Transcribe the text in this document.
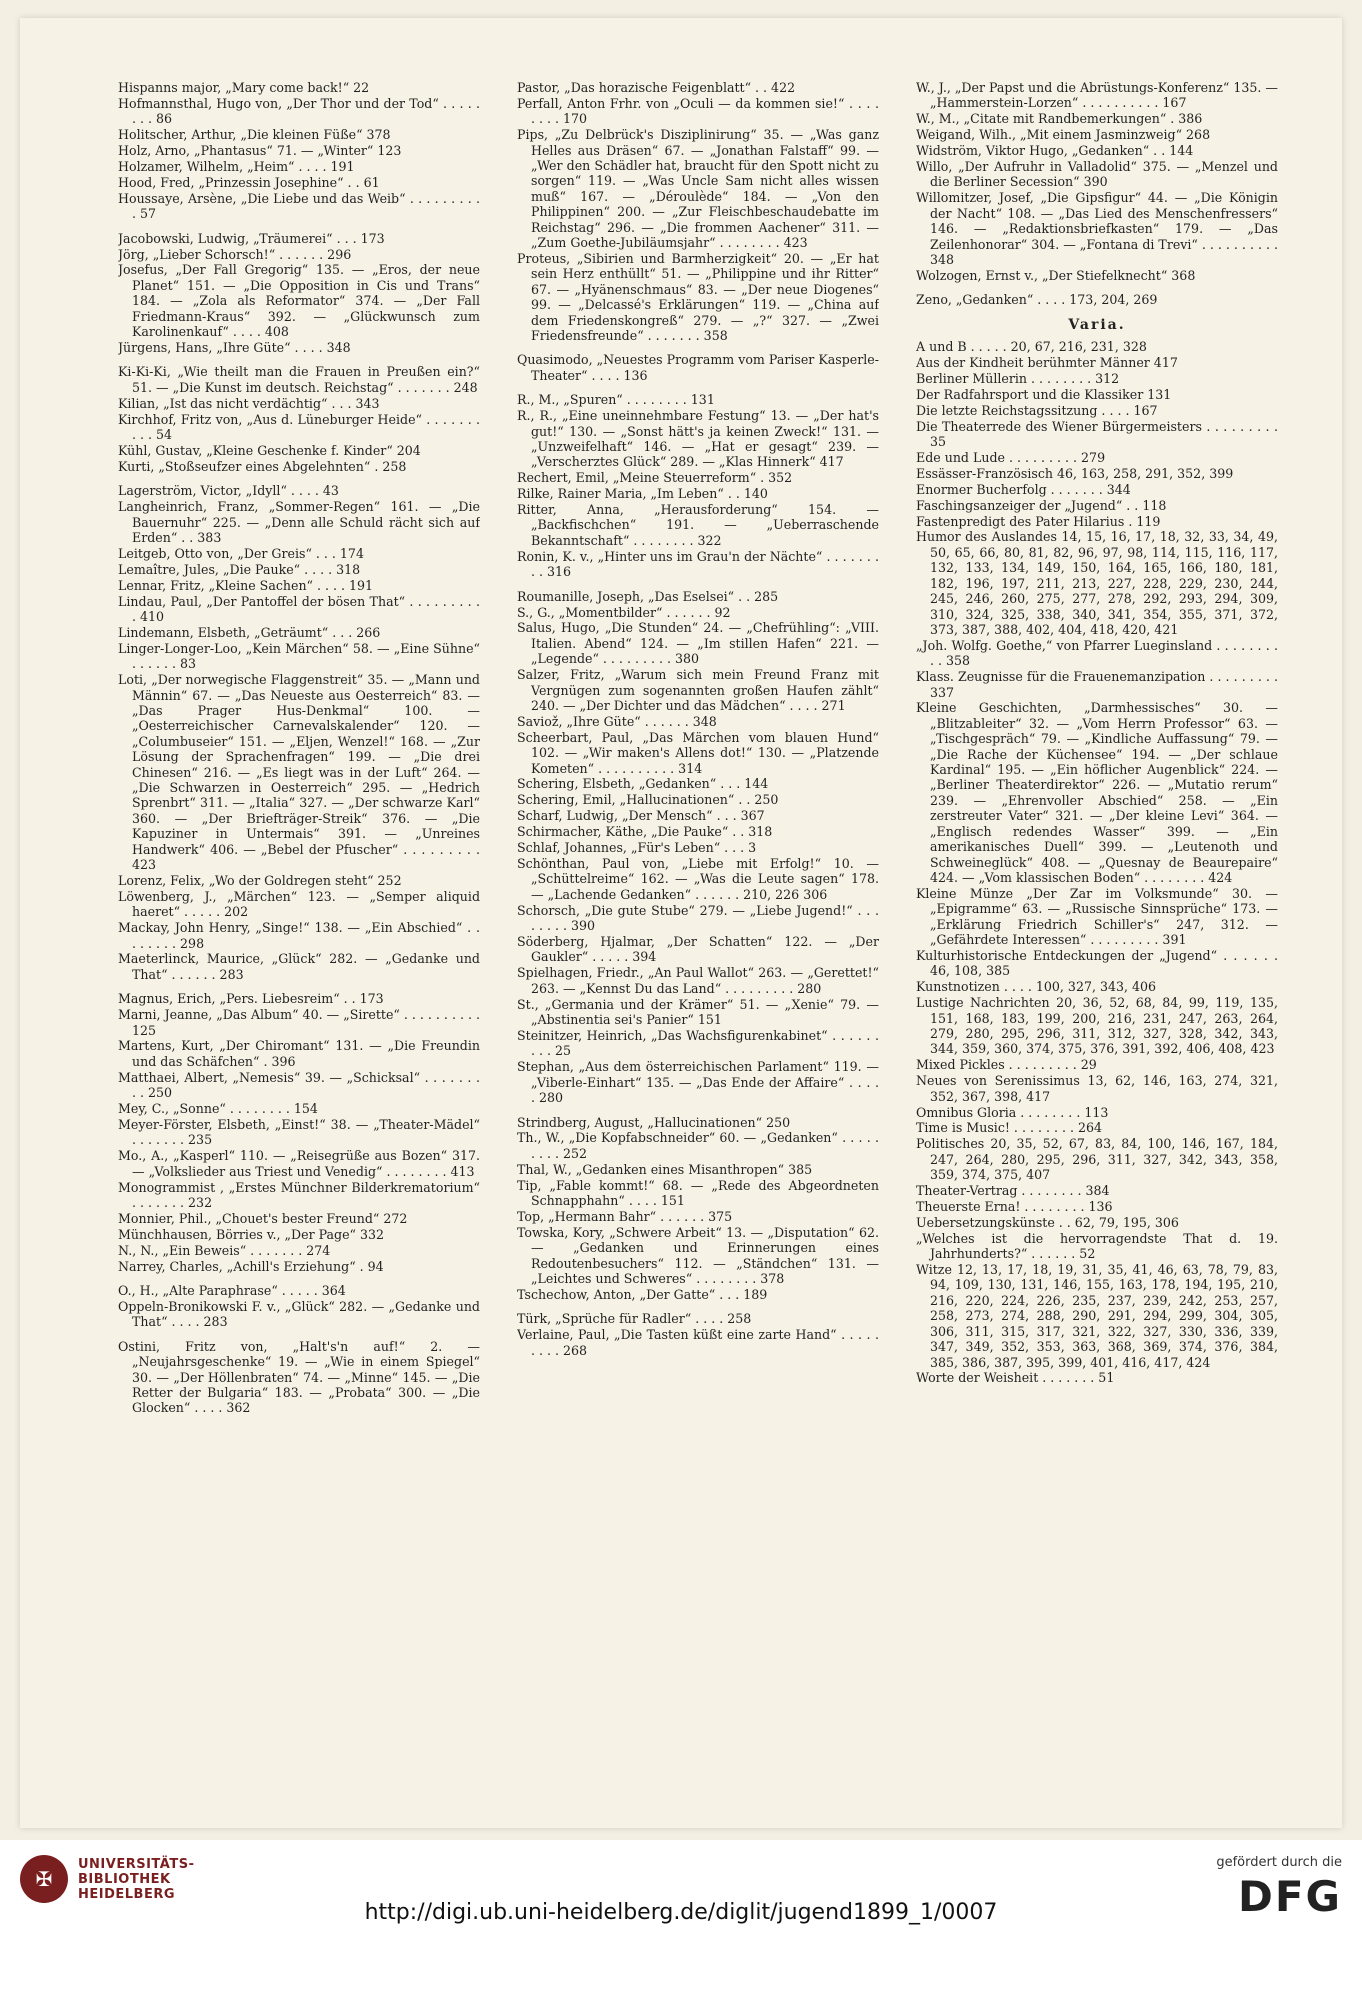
Hispanns major, „Mary come back!“ 22
Hofmannsthal, Hugo von, „Der Thor und der Tod“ . . . . . . . . 86
Holitscher, Arthur, „Die kleinen Füße“ 378
Holz, Arno, „Phantasus“ 71. — „Winter“ 123
Holzamer, Wilhelm, „Heim“ . . . . 191
Hood, Fred, „Prinzessin Josephine“ . . 61
Houssaye, Arsène, „Die Liebe und das Weib“ . . . . . . . . . . 57
Jacobowski, Ludwig, „Träumerei“ . . . 173
Jörg, „Lieber Schorsch!“ . . . . . . 296
Josefus, „Der Fall Gregorig“ 135. — „Eros, der neue Planet“ 151. — „Die Opposition in Cis und Trans“ 184. — „Zola als Reformator“ 374. — „Der Fall Friedmann-Kraus“ 392. — „Glückwunsch zum Karolinenkauf“ . . . . 408
Jürgens, Hans, „Ihre Güte“ . . . . 348
Ki-Ki-Ki, „Wie theilt man die Frauen in Preußen ein?“ 51. — „Die Kunst im deutsch. Reichstag“ . . . . . . . 248
Kilian, „Ist das nicht verdächtig“ . . . 343
Kirchhof, Fritz von, „Aus d. Lüneburger Heide“ . . . . . . . . . . 54
Kühl, Gustav, „Kleine Geschenke f. Kinder“ 204
Kurti, „Stoßseufzer eines Abgelehnten“ . 258
Lagerström, Victor, „Idyll“ . . . . 43
Langheinrich, Franz, „Sommer-Regen“ 161. — „Die Bauernuhr“ 225. — „Denn alle Schuld rächt sich auf Erden“ . . 383
Leitgeb, Otto von, „Der Greis“ . . . 174
Lemaître, Jules, „Die Pauke“ . . . . 318
Lennar, Fritz, „Kleine Sachen“ . . . . 191
Lindau, Paul, „Der Pantoffel der bösen That“ . . . . . . . . . . 410
Lindemann, Elsbeth, „Geträumt“ . . . 266
Linger-Longer-Loo, „Kein Märchen“ 58. — „Eine Sühne“ . . . . . . 83
Loti, „Der norwegische Flaggenstreit“ 35. — „Mann und Männin“ 67. — „Das Neueste aus Oesterreich“ 83. — „Das Prager Hus-Denkmal“ 100. — „Oesterreichischer Carnevalskalender“ 120. — „Columbuseier“ 151. — „Eljen, Wenzel!“ 168. — „Zur Lösung der Sprachenfragen“ 199. — „Die drei Chinesen“ 216. — „Es liegt was in der Luft“ 264. — „Die Schwarzen in Oesterreich“ 295. — „Hedrich Sprenbrt“ 311. — „Italia“ 327. — „Der schwarze Karl“ 360. — „Der Briefträger-Streik“ 376. — „Die Kapuziner in Untermais“ 391. — „Unreines Handwerk“ 406. — „Bebel der Pfuscher“ . . . . . . . . . 423
Lorenz, Felix, „Wo der Goldregen steht“ 252
Löwenberg, J., „Märchen“ 123. — „Semper aliquid haeret“ . . . . . 202
Mackay, John Henry, „Singe!“ 138. — „Ein Abschied“ . . . . . . . . 298
Maeterlinck, Maurice, „Glück“ 282. — „Gedanke und That“ . . . . . . 283
Magnus, Erich, „Pers. Liebesreim“ . . 173
Marni, Jeanne, „Das Album“ 40. — „Sirette“ . . . . . . . . . . 125
Martens, Kurt, „Der Chiromant“ 131. — „Die Freundin und das Schäfchen“ . 396
Matthaei, Albert, „Nemesis“ 39. — „Schicksal“ . . . . . . . . . 250
Mey, C., „Sonne“ . . . . . . . . 154
Meyer-Förster, Elsbeth, „Einst!“ 38. — „Theater-Mädel“ . . . . . . . 235
Mo., A., „Kasperl“ 110. — „Reisegrüße aus Bozen“ 317. — „Volkslieder aus Triest und Venedig“ . . . . . . . . 413
Monogrammist , „Erstes Münchner Bilderkrematorium“ . . . . . . . 232
Monnier, Phil., „Chouet's bester Freund“ 272
Münchhausen, Börries v., „Der Page“ 332
N., N., „Ein Beweis“ . . . . . . . 274
Narrey, Charles, „Achill's Erziehung“ . 94
O., H., „Alte Paraphrase“ . . . . . 364
Oppeln-Bronikowski F. v., „Glück“ 282. — „Gedanke und That“ . . . . 283
Ostini, Fritz von, „Halt's'n auf!“ 2. — „Neujahrsgeschenke“ 19. — „Wie in einem Spiegel“ 30. — „Der Höllenbraten“ 74. — „Minne“ 145. — „Die Retter der Bulgaria“ 183. — „Probata“ 300. — „Die Glocken“ . . . . 362
Pastor, „Das horazische Feigenblatt“ . . 422
Perfall, Anton Frhr. von „Oculi — da kommen sie!“ . . . . . . . . 170
Pips, „Zu Delbrück's Disziplinirung“ 35. — „Was ganz Helles aus Dräsen“ 67. — „Jonathan Falstaff“ 99. — „Wer den Schädler hat, braucht für den Spott nicht zu sorgen“ 119. — „Was Uncle Sam nicht alles wissen muß“ 167. — „Déroulède“ 184. — „Von den Philippinen“ 200. — „Zur Fleischbeschaudebatte im Reichstag“ 296. — „Die frommen Aachener“ 311. — „Zum Goethe-Jubiläumsjahr“ . . . . . . . . 423
Proteus, „Sibirien und Barmherzigkeit“ 20. — „Er hat sein Herz enthüllt“ 51. — „Philippine und ihr Ritter“ 67. — „Hyänenschmaus“ 83. — „Der neue Diogenes“ 99. — „Delcassé's Erklärungen“ 119. — „China auf dem Friedenskongreß“ 279. — „?“ 327. — „Zwei Friedensfreunde“ . . . . . . . 358
Quasimodo, „Neuestes Programm vom Pariser Kasperle-Theater“ . . . . 136
R., M., „Spuren“ . . . . . . . . 131
R., R., „Eine uneinnehmbare Festung“ 13. — „Der hat's gut!“ 130. — „Sonst hätt's ja keinen Zweck!“ 131. — „Unzweifelhaft“ 146. — „Hat er gesagt“ 239. — „Verscherztes Glück“ 289. — „Klas Hinnerk“ 417
Rechert, Emil, „Meine Steuerreform“ . 352
Rilke, Rainer Maria, „Im Leben“ . . 140
Ritter, Anna, „Herausforderung“ 154. — „Backfischchen“ 191. — „Ueberraschende Bekanntschaft“ . . . . . . . . 322
Ronin, K. v., „Hinter uns im Grau'n der Nächte“ . . . . . . . . . 316
Roumanille, Joseph, „Das Eselsei“ . . 285
S., G., „Momentbilder“ . . . . . . 92
Salus, Hugo, „Die Stunden“ 24. — „Chefrühling“: „VIII. Italien. Abend“ 124. — „Im stillen Hafen“ 221. — „Legende“ . . . . . . . . . 380
Salzer, Fritz, „Warum sich mein Freund Franz mit Vergnügen zum sogenannten großen Haufen zählt“ 240. — „Der Dichter und das Mädchen“ . . . . 271
Saviož, „Ihre Güte“ . . . . . . 348
Scheerbart, Paul, „Das Märchen vom blauen Hund“ 102. — „Wir maken's Allens dot!“ 130. — „Platzende Kometen“ . . . . . . . . . . 314
Schering, Elsbeth, „Gedanken“ . . . 144
Schering, Emil, „Hallucinationen“ . . 250
Scharf, Ludwig, „Der Mensch“ . . . 367
Schirmacher, Käthe, „Die Pauke“ . . 318
Schlaf, Johannes, „Für's Leben“ . . . 3
Schönthan, Paul von, „Liebe mit Erfolg!“ 10. — „Schüttelreime“ 162. — „Was die Leute sagen“ 178. — „Lachende Gedanken“ . . . . . . 210, 226 306
Schorsch, „Die gute Stube“ 279. — „Liebe Jugend!“ . . . . . . . . 390
Söderberg, Hjalmar, „Der Schatten“ 122. — „Der Gaukler“ . . . . . 394
Spielhagen, Friedr., „An Paul Wallot“ 263. — „Gerettet!“ 263. — „Kennst Du das Land“ . . . . . . . . . 280
St., „Germania und der Krämer“ 51. — „Xenie“ 79. — „Abstinentia sei's Panier“ 151
Steinitzer, Heinrich, „Das Wachsfigurenkabinet“ . . . . . . . . . 25
Stephan, „Aus dem österreichischen Parlament“ 119. — „Viberle-Einhart“ 135. — „Das Ende der Affaire“ . . . . . 280
Strindberg, August, „Hallucinationen“ 250
Th., W., „Die Kopfabschneider“ 60. — „Gedanken“ . . . . . . . . . 252
Thal, W., „Gedanken eines Misanthropen“ 385
Tip, „Fable kommt!“ 68. — „Rede des Abgeordneten Schnapphahn“ . . . . 151
Top, „Hermann Bahr“ . . . . . . 375
Towska, Kory, „Schwere Arbeit“ 13. — „Disputation“ 62. — „Gedanken und Erinnerungen eines Redoutenbesuchers“ 112. — „Ständchen“ 131. — „Leichtes und Schweres“ . . . . . . . . 378
Tschechow, Anton, „Der Gatte“ . . . 189
Türk, „Sprüche für Radler“ . . . . 258
Verlaine, Paul, „Die Tasten küßt eine zarte Hand“ . . . . . . . . . 268
W., J., „Der Papst und die Abrüstungs-Konferenz“ 135. — „Hammerstein-Lorzen“ . . . . . . . . . . 167
W., M., „Citate mit Randbemerkungen“ . 386
Weigand, Wilh., „Mit einem Jasminzweig“ 268
Widström, Viktor Hugo, „Gedanken“ . . 144
Willo, „Der Aufruhr in Valladolid“ 375. — „Menzel und die Berliner Secession“ 390
Willomitzer, Josef, „Die Gipsfigur“ 44. — „Die Königin der Nacht“ 108. — „Das Lied des Menschenfressers“ 146. — „Redaktionsbriefkasten“ 179. — „Das Zeilenhonorar“ 304. — „Fontana di Trevi“ . . . . . . . . . . 348
Wolzogen, Ernst v., „Der Stiefelknecht“ 368
Zeno, „Gedanken“ . . . . 173, 204, 269
Varia.
A und B . . . . . 20, 67, 216, 231, 328
Aus der Kindheit berühmter Männer 417
Berliner Müllerin . . . . . . . . 312
Der Radfahrsport und die Klassiker 131
Die letzte Reichstagssitzung . . . . 167
Die Theaterrede des Wiener Bürgermeisters . . . . . . . . . 35
Ede und Lude . . . . . . . . . 279
Essässer-Französisch 46, 163, 258, 291, 352, 399
Enormer Bucherfolg . . . . . . . 344
Faschingsanzeiger der „Jugend“ . . 118
Fastenpredigt des Pater Hilarius . 119
Humor des Auslandes 14, 15, 16, 17, 18, 32, 33, 34, 49, 50, 65, 66, 80, 81, 82, 96, 97, 98, 114, 115, 116, 117, 132, 133, 134, 149, 150, 164, 165, 166, 180, 181, 182, 196, 197, 211, 213, 227, 228, 229, 230, 244, 245, 246, 260, 275, 277, 278, 292, 293, 294, 309, 310, 324, 325, 338, 340, 341, 354, 355, 371, 372, 373, 387, 388, 402, 404, 418, 420, 421
„Joh. Wolfg. Goethe,“ von Pfarrer Lueginsland . . . . . . . . . . 358
Klass. Zeugnisse für die Frauenemanzipation . . . . . . . . . 337
Kleine Geschichten, „Darmhessisches“ 30. — „Blitzableiter“ 32. — „Vom Herrn Professor“ 63. — „Tischgespräch“ 79. — „Kindliche Auffassung“ 79. — „Die Rache der Küchensee“ 194. — „Der schlaue Kardinal“ 195. — „Ein höflicher Augenblick“ 224. — „Berliner Theaterdirektor“ 226. — „Mutatio rerum“ 239. — „Ehrenvoller Abschied“ 258. — „Ein zerstreuter Vater“ 321. — „Der kleine Levi“ 364. — „Englisch redendes Wasser“ 399. — „Ein amerikanisches Duell“ 399. — „Leutenoth und Schweineglück“ 408. — „Quesnay de Beaurepaire“ 424. — „Vom klassischen Boden“ . . . . . . . . 424
Kleine Münze „Der Zar im Volksmunde“ 30. — „Epigramme“ 63. — „Russische Sinnsprüche“ 173. — „Erklärung Friedrich Schiller's“ 247, 312. — „Gefährdete Interessen“ . . . . . . . . . 391
Kulturhistorische Entdeckungen der „Jugend“ . . . . . . 46, 108, 385
Kunstnotizen . . . . 100, 327, 343, 406
Lustige Nachrichten 20, 36, 52, 68, 84, 99, 119, 135, 151, 168, 183, 199, 200, 216, 231, 247, 263, 264, 279, 280, 295, 296, 311, 312, 327, 328, 342, 343, 344, 359, 360, 374, 375, 376, 391, 392, 406, 408, 423
Mixed Pickles . . . . . . . . . 29
Neues von Serenissimus 13, 62, 146, 163, 274, 321, 352, 367, 398, 417
Omnibus Gloria . . . . . . . . 113
Time is Music! . . . . . . . . 264
Politisches 20, 35, 52, 67, 83, 84, 100, 146, 167, 184, 247, 264, 280, 295, 296, 311, 327, 342, 343, 358, 359, 374, 375, 407
Theater-Vertrag . . . . . . . . 384
Theuerste Erna! . . . . . . . . 136
Uebersetzungskünste . . 62, 79, 195, 306
„Welches ist die hervorragendste That d. 19. Jahrhunderts?“ . . . . . . 52
Witze 12, 13, 17, 18, 19, 31, 35, 41, 46, 63, 78, 79, 83, 94, 109, 130, 131, 146, 155, 163, 178, 194, 195, 210, 216, 220, 224, 226, 235, 237, 239, 242, 253, 257, 258, 273, 274, 288, 290, 291, 294, 299, 304, 305, 306, 311, 315, 317, 321, 322, 327, 330, 336, 339, 347, 349, 352, 353, 363, 368, 369, 374, 376, 384, 385, 386, 387, 395, 399, 401, 416, 417, 424
Worte der Weisheit . . . . . . . 51
✠
UNIVERSITÄTS-
BIBLIOTHEK
HEIDELBERG
http://digi.ub.uni-heidelberg.de/diglit/jugend1899_1/0007
gefördert durch die
DFG
